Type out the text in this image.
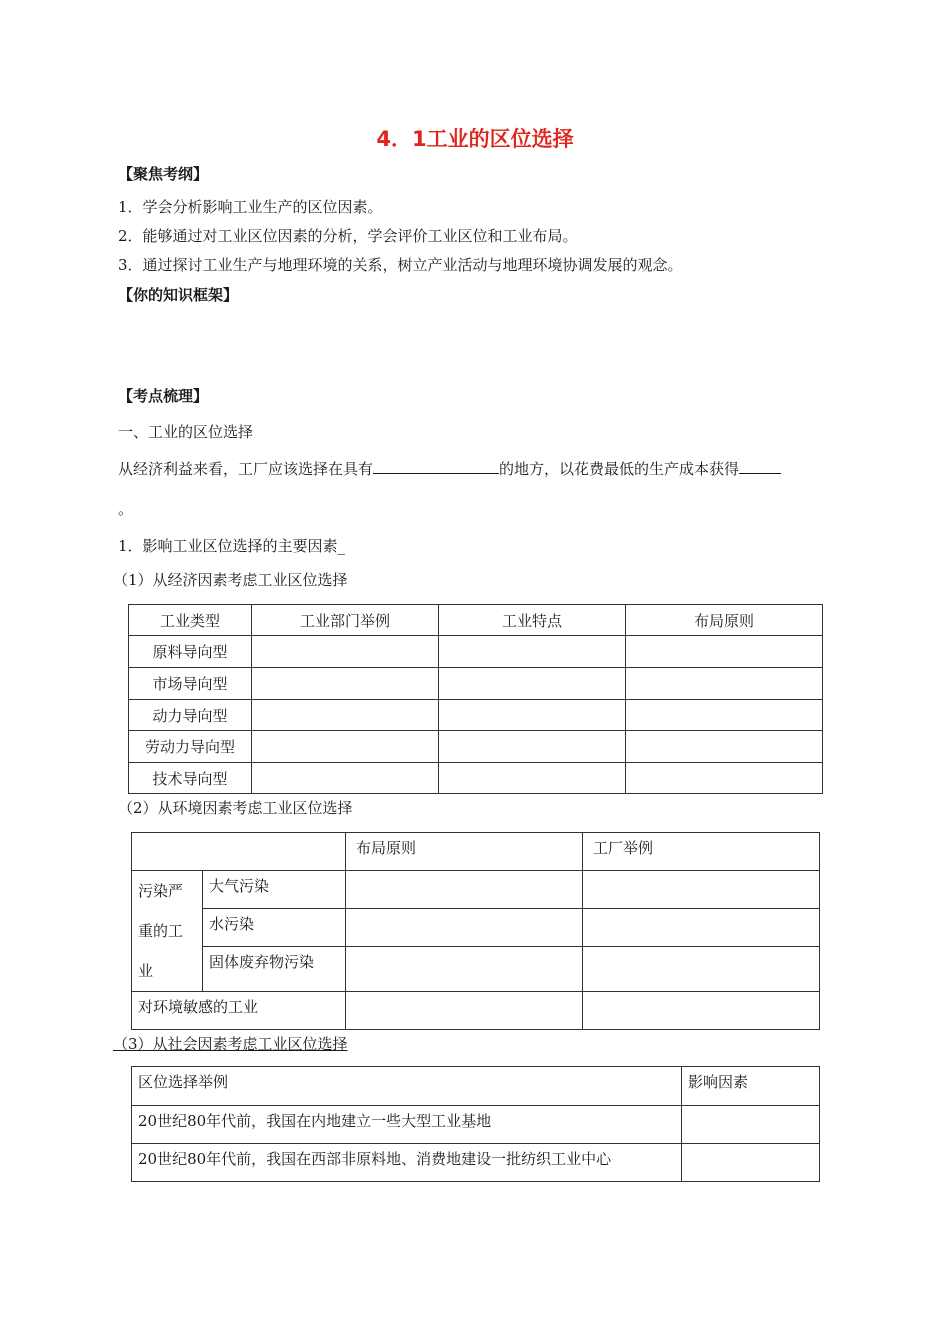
4．1工业的区位选择
【聚焦考纲】
1．学会分析影响工业生产的区位因素。
2．能够通过对工业区位因素的分析，学会评价工业区位和工业布局。
3．通过探讨工业生产与地理环境的关系，树立产业活动与地理环境协调发展的观念。
【你的知识框架】
【考点梳理】
一、工业的区位选择
从经济利益来看，工厂应该选择在具有	的地方，以花费最低的生产成本获得
。
1．影响工业区位选择的主要因素_
（1）从经济因素考虑工业区位选择
工业类型	工业部门举例	工业特点	布局原则
原料导向型			
市场导向型			
动力导向型			
劳动力导向型			
技术导向型			
（2）从环境因素考虑工业区位选择
		布局原则	工厂举例
污染严重的工业	大气污染		
	水污染		
	固体废弃物污染		
对环境敏感的工业			
（3）从社会因素考虑工业区位选择
区位选择举例	影响因素
20世纪80年代前，我国在内地建立一些大型工业基地	
20世纪80年代前，我国在西部非原料地、消费地建设一批纺织工业中心	
